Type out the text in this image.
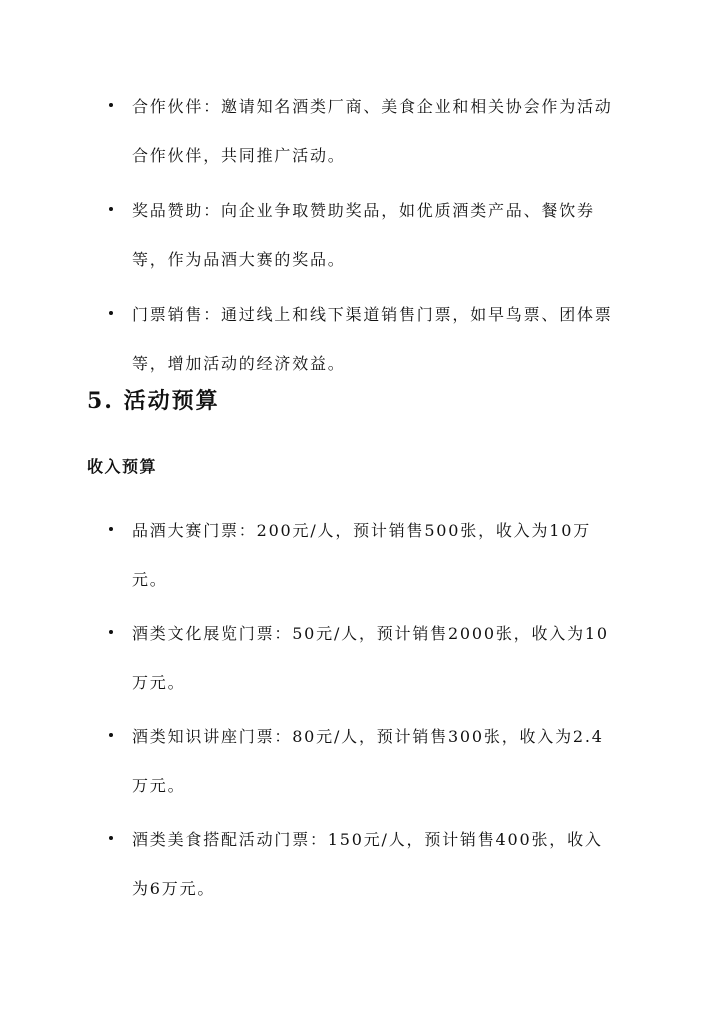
合作伙伴：邀请知名酒类厂商、美食企业和相关协会作为活动合作伙伴，共同推广活动。
奖品赞助：向企业争取赞助奖品，如优质酒类产品、餐饮券等，作为品酒大赛的奖品。
门票销售：通过线上和线下渠道销售门票，如早鸟票、团体票等，增加活动的经济效益。
5. 活动预算
收入预算
品酒大赛门票：200元/人，预计销售500张，收入为10万元。
酒类文化展览门票：50元/人，预计销售2000张，收入为10万元。
酒类知识讲座门票：80元/人，预计销售300张，收入为2.4万元。
酒类美食搭配活动门票：150元/人，预计销售400张，收入为6万元。
